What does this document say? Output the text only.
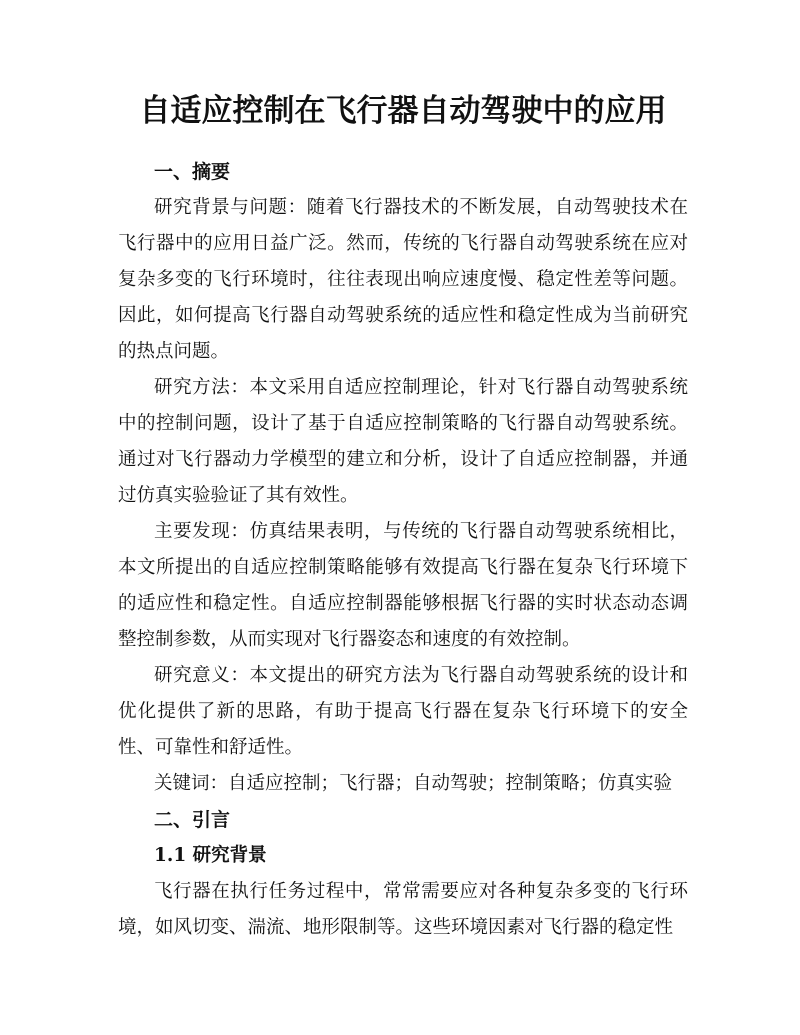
自适应控制在飞行器自动驾驶中的应用
一、摘要

研究背景与问题：随着飞行器技术的不断发展，自动驾驶技术在飞行器中的应用日益广泛。然而，传统的飞行器自动驾驶系统在应对复杂多变的飞行环境时，往往表现出响应速度慢、稳定性差等问题。因此，如何提高飞行器自动驾驶系统的适应性和稳定性成为当前研究的热点问题。

研究方法：本文采用自适应控制理论，针对飞行器自动驾驶系统中的控制问题，设计了基于自适应控制策略的飞行器自动驾驶系统。通过对飞行器动力学模型的建立和分析，设计了自适应控制器，并通过仿真实验验证了其有效性。

主要发现：仿真结果表明，与传统的飞行器自动驾驶系统相比，本文所提出的自适应控制策略能够有效提高飞行器在复杂飞行环境下的适应性和稳定性。自适应控制器能够根据飞行器的实时状态动态调整控制参数，从而实现对飞行器姿态和速度的有效控制。

研究意义：本文提出的研究方法为飞行器自动驾驶系统的设计和优化提供了新的思路，有助于提高飞行器在复杂飞行环境下的安全性、可靠性和舒适性。

关键词：自适应控制；飞行器；自动驾驶；控制策略；仿真实验

二、引言
1.1 研究背景

飞行器在执行任务过程中，常常需要应对各种复杂多变的飞行环境，如风切变、湍流、地形限制等。这些环境因素对飞行器的稳定性
